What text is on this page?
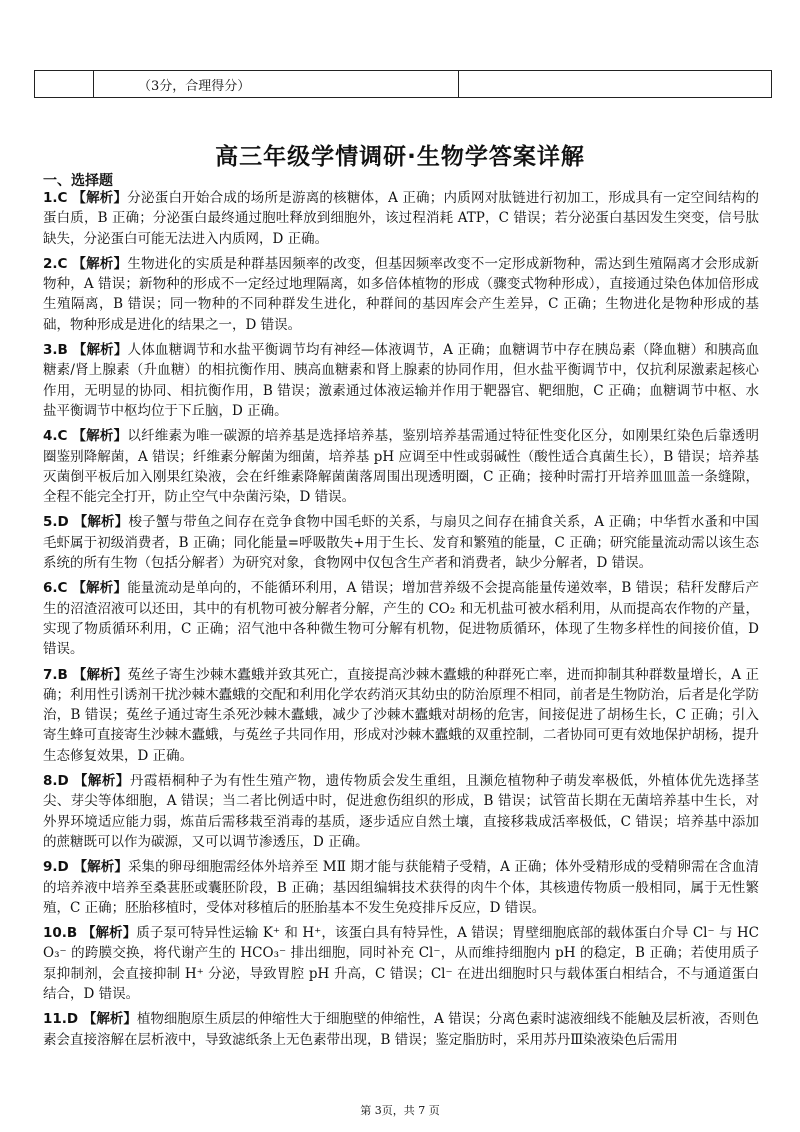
	（3分，合理得分）	
高三年级学情调研·生物学答案详解
一、选择题

1.C 【解析】分泌蛋白开始合成的场所是游离的核糖体，A 正确；内质网对肽链进行初加工，形成具有一定空间结构的蛋白质，B 正确；分泌蛋白最终通过胞吐释放到细胞外，该过程消耗 ATP，C 错误；若分泌蛋白基因发生突变，信号肽缺失，分泌蛋白可能无法进入内质网，D 正确。

2.C 【解析】生物进化的实质是种群基因频率的改变，但基因频率改变不一定形成新物种，需达到生殖隔离才会形成新物种，A 错误；新物种的形成不一定经过地理隔离，如多倍体植物的形成（骤变式物种形成），直接通过染色体加倍形成生殖隔离，B 错误；同一物种的不同种群发生进化，种群间的基因库会产生差异，C 正确；生物进化是物种形成的基础，物种形成是进化的结果之一，D 错误。

3.B 【解析】人体血糖调节和水盐平衡调节均有神经—体液调节，A 正确；血糖调节中存在胰岛素（降血糖）和胰高血糖素/肾上腺素（升血糖）的相抗衡作用、胰高血糖素和肾上腺素的协同作用，但水盐平衡调节中，仅抗利尿激素起核心作用，无明显的协同、相抗衡作用，B 错误；激素通过体液运输并作用于靶器官、靶细胞，C 正确；血糖调节中枢、水盐平衡调节中枢均位于下丘脑，D 正确。

4.C 【解析】以纤维素为唯一碳源的培养基是选择培养基，鉴别培养基需通过特征性变化区分，如刚果红染色后靠透明圈鉴别降解菌，A 错误；纤维素分解菌为细菌，培养基 pH 应调至中性或弱碱性（酸性适合真菌生长），B 错误；培养基灭菌倒平板后加入刚果红染液，会在纤维素降解菌菌落周围出现透明圈，C 正确；接种时需打开培养皿皿盖一条缝隙，全程不能完全打开，防止空气中杂菌污染，D 错误。

5.D 【解析】梭子蟹与带鱼之间存在竞争食物中国毛虾的关系，与扇贝之间存在捕食关系，A 正确；中华哲水蚤和中国毛虾属于初级消费者，B 正确；同化能量=呼吸散失+用于生长、发育和繁殖的能量，C 正确；研究能量流动需以该生态系统的所有生物（包括分解者）为研究对象，食物网中仅包含生产者和消费者，缺少分解者，D 错误。

6.C 【解析】能量流动是单向的，不能循环利用，A 错误；增加营养级不会提高能量传递效率，B 错误；秸秆发酵后产生的沼渣沼液可以还田，其中的有机物可被分解者分解，产生的 CO₂ 和无机盐可被水稻利用，从而提高农作物的产量，实现了物质循环利用，C 正确；沼气池中各种微生物可分解有机物，促进物质循环，体现了生物多样性的间接价值，D 错误。

7.B 【解析】菟丝子寄生沙棘木蠹蛾并致其死亡，直接提高沙棘木蠹蛾的种群死亡率，进而抑制其种群数量增长，A 正确；利用性引诱剂干扰沙棘木蠹蛾的交配和利用化学农药消灭其幼虫的防治原理不相同，前者是生物防治，后者是化学防治，B 错误；菟丝子通过寄生杀死沙棘木蠹蛾，减少了沙棘木蠹蛾对胡杨的危害，间接促进了胡杨生长，C 正确；引入寄生蜂可直接寄生沙棘木蠹蛾，与菟丝子共同作用，形成对沙棘木蠹蛾的双重控制，二者协同可更有效地保护胡杨，提升生态修复效果，D 正确。

8.D 【解析】丹霞梧桐种子为有性生殖产物，遗传物质会发生重组，且濒危植物种子萌发率极低，外植体优先选择茎尖、芽尖等体细胞，A 错误；当二者比例适中时，促进愈伤组织的形成，B 错误；试管苗长期在无菌培养基中生长，对外界环境适应能力弱，炼苗后需移栽至消毒的基质，逐步适应自然土壤，直接移栽成活率极低，C 错误；培养基中添加的蔗糖既可以作为碳源，又可以调节渗透压，D 正确。

9.D 【解析】采集的卵母细胞需经体外培养至 MⅡ 期才能与获能精子受精，A 正确；体外受精形成的受精卵需在含血清的培养液中培养至桑葚胚或囊胚阶段，B 正确；基因组编辑技术获得的肉牛个体，其核遗传物质一般相同，属于无性繁殖，C 正确；胚胎移植时，受体对移植后的胚胎基本不发生免疫排斥反应，D 错误。

10.B 【解析】质子泵可特异性运输 K⁺ 和 H⁺，该蛋白具有特异性，A 错误；胃壁细胞底部的载体蛋白介导 Cl⁻ 与 HCO₃⁻ 的跨膜交换，将代谢产生的 HCO₃⁻ 排出细胞，同时补充 Cl⁻，从而维持细胞内 pH 的稳定，B 正确；若使用质子泵抑制剂，会直接抑制 H⁺ 分泌，导致胃腔 pH 升高，C 错误；Cl⁻ 在进出细胞时只与载体蛋白相结合，不与通道蛋白结合，D 错误。

11.D 【解析】植物细胞原生质层的伸缩性大于细胞壁的伸缩性，A 错误；分离色素时滤液细线不能触及层析液，否则色素会直接溶解在层析液中，导致滤纸条上无色素带出现，B 错误；鉴定脂肪时，采用苏丹Ⅲ染液染色后需用

第 3页，共 7 页
